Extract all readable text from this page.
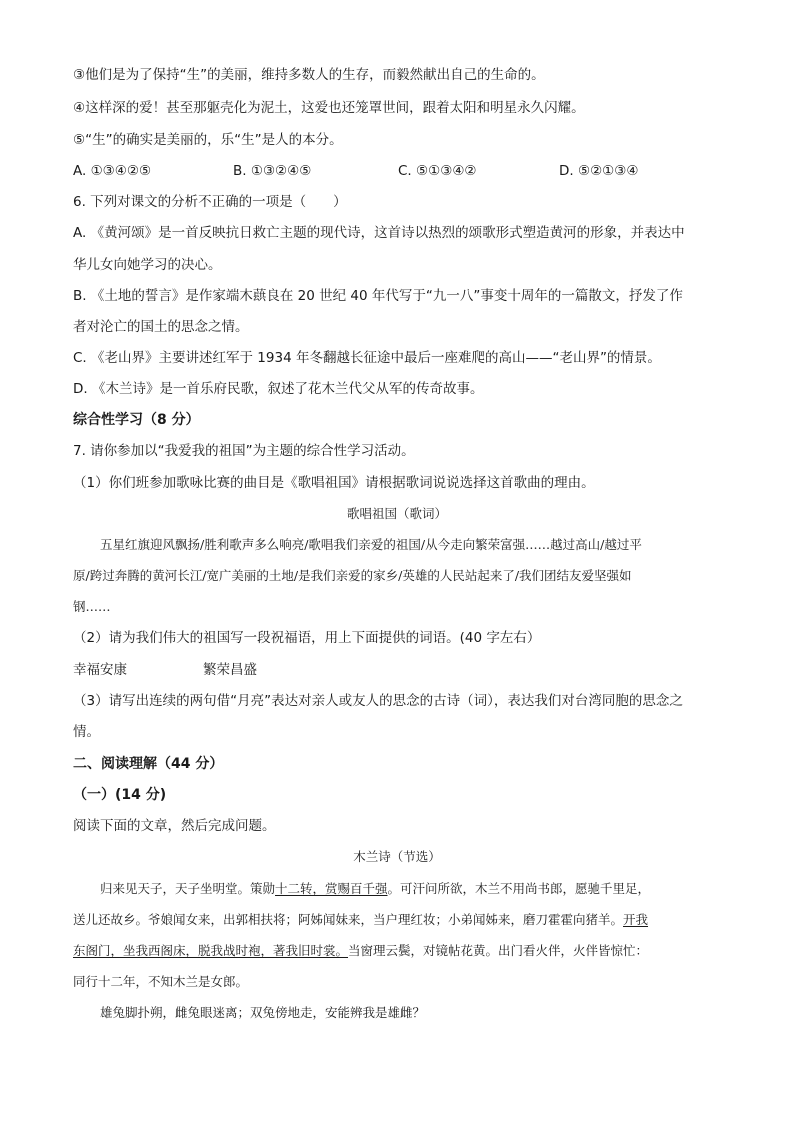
③他们是为了保持“生”的美丽，维持多数人的生存，而毅然献出自己的生命的。
④这样深的爱！甚至那躯壳化为泥土，这爱也还笼罩世间，跟着太阳和明星永久闪耀。
⑤“生”的确实是美丽的，乐“生”是人的本分。
A. ①③④②⑤	B. ①③②④⑤	C. ⑤①③④②	D. ⑤②①③④
6. 下列对课文的分析不正确的一项是（　　）
A. 《黄河颂》是一首反映抗日救亡主题的现代诗，这首诗以热烈的颂歌形式塑造黄河的形象，并表达中
华儿女向她学习的决心。
B. 《土地的誓言》是作家端木蕻良在 20 世纪 40 年代写于“九一八”事变十周年的一篇散文，抒发了作
者对沦亡的国土的思念之情。
C. 《老山界》主要讲述红军于 1934 年冬翻越长征途中最后一座难爬的高山——“老山界”的情景。
D. 《木兰诗》是一首乐府民歌，叙述了花木兰代父从军的传奇故事。
综合性学习（8 分）
7. 请你参加以“我爱我的祖国”为主题的综合性学习活动。
（1）你们班参加歌咏比赛的曲目是《歌唱祖国》请根据歌词说说选择这首歌曲的理由。
歌唱祖国（歌词）
五星红旗迎风飘扬/胜利歌声多么响亮/歌唱我们亲爱的祖国/从今走向繁荣富强……越过高山/越过平
原/跨过奔腾的黄河长江/宽广美丽的土地/是我们亲爱的家乡/英雄的人民站起来了/我们团结友爱坚强如
钢……
（2）请为我们伟大的祖国写一段祝福语，用上下面提供的词语。(40 字左右）
幸福安康	繁荣昌盛
（3）请写出连续的两句借“月亮”表达对亲人或友人的思念的古诗（词），表达我们对台湾同胞的思念之
情。
二、阅读理解（44 分）
（一）(14 分)
阅读下面的文章，然后完成问题。
木兰诗（节选）
归来见天子，天子坐明堂。策勋十二转，赏赐百千强。可汗问所欲，木兰不用尚书郎，愿驰千里足，
送儿还故乡。爷娘闻女来，出郭相扶将；阿姊闻妹来，当户理红妆；小弟闻姊来，磨刀霍霍向猪羊。开我
东阁门，坐我西阁床，脱我战时袍，著我旧时裳。当窗理云鬓，对镜帖花黄。出门看火伴，火伴皆惊忙：
同行十二年，不知木兰是女郎。
雄兔脚扑朔，雌兔眼迷离；双兔傍地走，安能辨我是雄雌？
